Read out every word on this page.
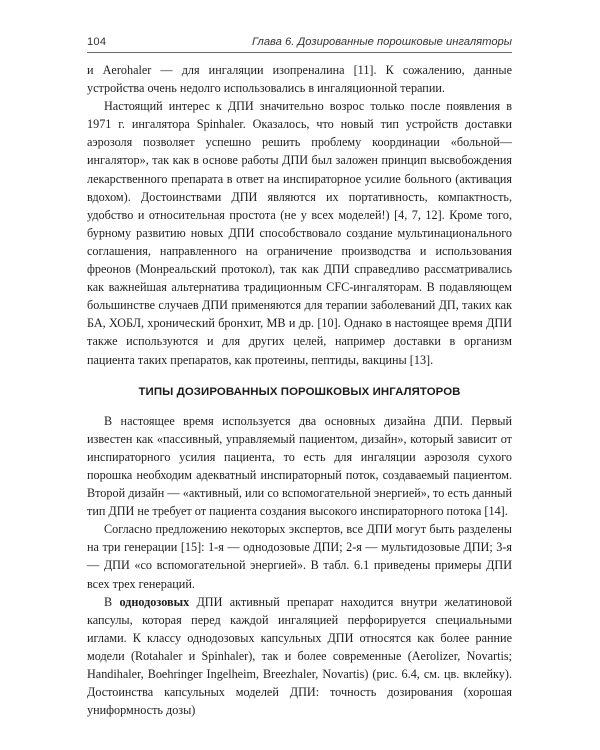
104	Глава 6. Дозированные порошковые ингаляторы

и Aerohaler — для ингаляции изопреналина [11]. К сожалению, данные устройства очень недолго использовались в ингаляционной терапии.

Настоящий интерес к ДПИ значительно возрос только после появления в 1971 г. ингалятора Spinhaler. Оказалось, что новый тип устройств доставки аэрозоля позволяет успешно решить проблему координации «больной—ингалятор», так как в основе работы ДПИ был заложен принцип высвобождения лекарственного препарата в ответ на инспираторное усилие больного (активация вдохом). Достоинствами ДПИ являются их портативность, компактность, удобство и относительная простота (не у всех моделей!) [4, 7, 12]. Кроме того, бурному развитию новых ДПИ способствовало создание мультинационального соглашения, направленного на ограничение производства и использования фреонов (Монреальский протокол), так как ДПИ справедливо рассматривались как важнейшая альтернатива традиционным CFC-ингаляторам. В подавляющем большинстве случаев ДПИ применяются для терапии заболеваний ДП, таких как БА, ХОБЛ, хронический бронхит, МВ и др. [10]. Однако в настоящее время ДПИ также используются и для других целей, например доставки в организм пациента таких препаратов, как протеины, пептиды, вакцины [13].

ТИПЫ ДОЗИРОВАННЫХ ПОРОШКОВЫХ ИНГАЛЯТОРОВ

В настоящее время используется два основных дизайна ДПИ. Первый известен как «пассивный, управляемый пациентом, дизайн», который зависит от инспираторного усилия пациента, то есть для ингаляции аэрозоля сухого порошка необходим адекватный инспираторный поток, создаваемый пациентом. Второй дизайн — «активный, или со вспомогательной энергией», то есть данный тип ДПИ не требует от пациента создания высокого инспираторного потока [14].

Согласно предложению некоторых экспертов, все ДПИ могут быть разделены на три генерации [15]: 1-я — однодозовые ДПИ; 2-я — мультидозовые ДПИ; 3-я — ДПИ «со вспомогательной энергией». В табл. 6.1 приведены примеры ДПИ всех трех генераций.

В однодозовых ДПИ активный препарат находится внутри желатиновой капсулы, которая перед каждой ингаляцией перфорируется специальными иглами. К классу однодозовых капсульных ДПИ относятся как более ранние модели (Rotahaler и Spinhaler), так и более современные (Aerolizer, Novartis; Handihaler, Boehringer Ingelheim, Breezhaler, Novartis) (рис. 6.4, см. цв. вклейку). Достоинства капсульных моделей ДПИ: точность дозирования (хорошая униформность дозы)
